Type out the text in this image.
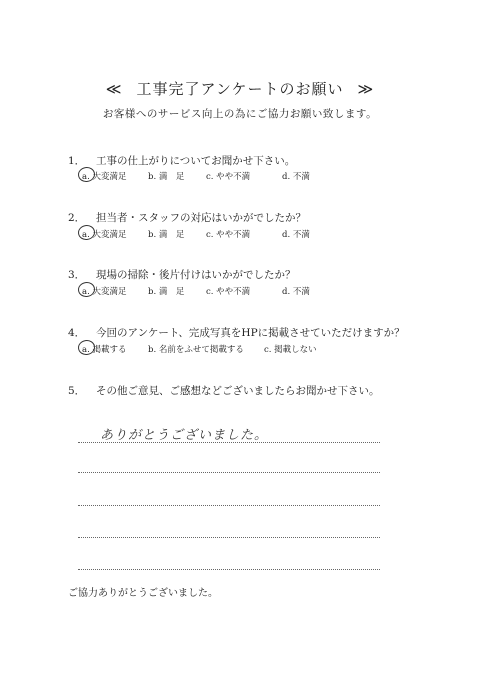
≪ 工事完了アンケートのお願い ≫
お客様へのサービス向上の為にご協力お願い致します。
1． 工事の仕上がりについてお聞かせ下さい。
a. 大変満足	b. 満　足	c. やや不満	d. 不満
2． 担当者・スタッフの対応はいかがでしたか？
a. 大変満足	b. 満　足	c. やや不満	d. 不満
3． 現場の掃除・後片付けはいかがでしたか？
a. 大変満足	b. 満　足	c. やや不満	d. 不満
4． 今回のアンケート、完成写真をHPに掲載させていただけますか？
a. 掲載する	b. 名前をふせて掲載する c. 掲載しない
5． その他ご意見、ご感想などございましたらお聞かせ下さい。
ありがとうございました。
ご協力ありがとうございました。
